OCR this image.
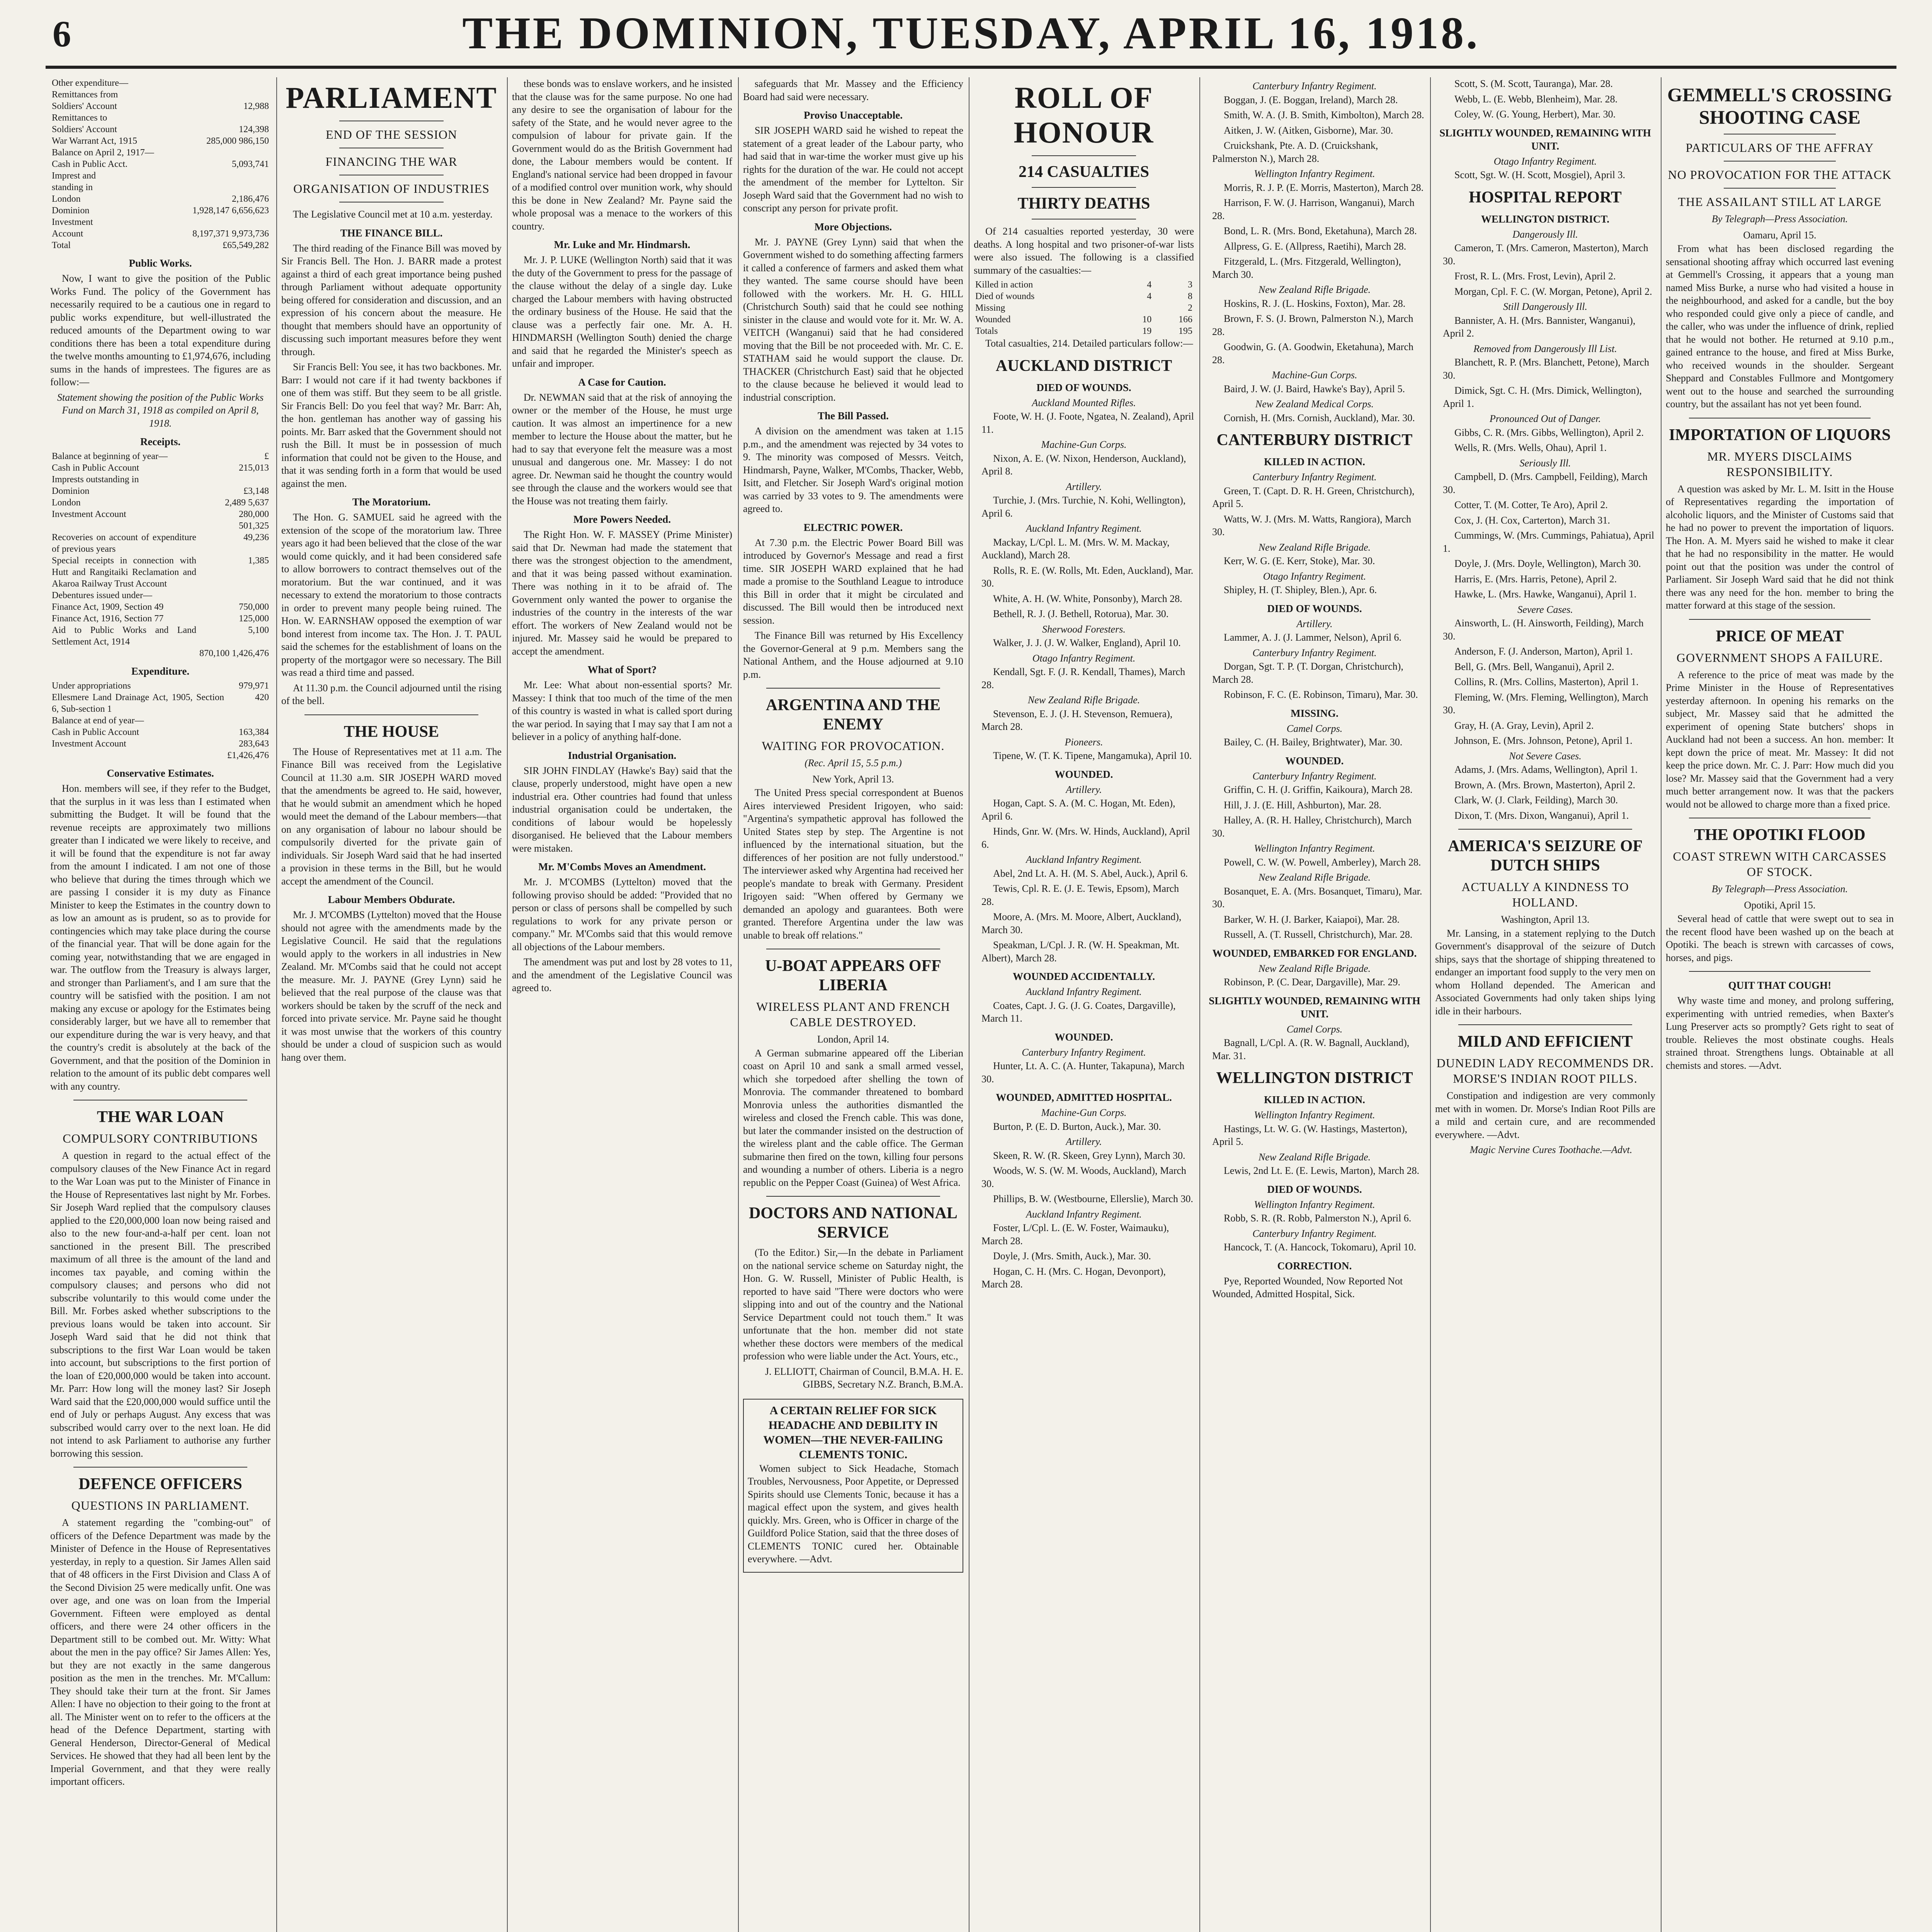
6	THE DOMINION, TUESDAY, APRIL 16, 1918.
Other expenditure—	
Remittances from	
Soldiers' Account	12,988
Remittances to	
Soldiers' Account	124,398
War Warrant Act, 1915	285,000 986,150
Balance on April 2, 1917—	
Cash in Public Acct.	5,093,741
Imprest and	
standing in	
London	2,186,476
Dominion	1,928,147 6,656,623
Investment	
Account	8,197,371 9,973,736
Total	£65,549,282
Public Works.

Now, I want to give the position of the Public Works Fund. The policy of the Government has necessarily required to be a cautious one in regard to public works expenditure, but well-illustrated the reduced amounts of the Department owing to war conditions there has been a total expenditure during the twelve months amounting to £1,974,676, including sums in the hands of imprestees. The figures are as follow:—

Statement showing the position of the Public Works Fund on March 31, 1918 as compiled on April 8, 1918.

Receipts.
Balance at beginning of year—	£
Cash in Public Account	215,013
Imprests outstanding in	
Dominion	£3,148
London	2,489 5,637
Investment Account	280,000
	501,325
Recoveries on account of expenditure of previous years	49,236
Special receipts in connection with Hutt and Rangitaiki Reclamation and Akaroa Railway Trust Account	1,385
Debentures issued under—	
Finance Act, 1909, Section 49	750,000
Finance Act, 1916, Section 77	125,000
Aid to Public Works and Land Settlement Act, 1914	5,100
	870,100 1,426,476
Expenditure.
Under appropriations	979,971
Ellesmere Land Drainage Act, 1905, Section 6, Sub-section 1	420
Balance at end of year—	
Cash in Public Account	163,384
Investment Account	283,643
	£1,426,476
Conservative Estimates.

Hon. members will see, if they refer to the Budget, that the surplus in it was less than I estimated when submitting the Budget. It will be found that the revenue receipts are approximately two millions greater than I indicated we were likely to receive, and it will be found that the expenditure is not far away from the amount I indicated. I am not one of those who believe that during the times through which we are passing I consider it is my duty as Finance Minister to keep the Estimates in the country down to as low an amount as is prudent, so as to provide for contingencies which may take place during the course of the financial year. That will be done again for the coming year, notwithstanding that we are engaged in war. The outflow from the Treasury is always larger, and stronger than Parliament's, and I am sure that the country will be satisfied with the position. I am not making any excuse or apology for the Estimates being considerably larger, but we have all to remember that our expenditure during the war is very heavy, and that the country's credit is absolutely at the back of the Government, and that the position of the Dominion in relation to the amount of its public debt compares well with any country.

THE WAR LOAN
COMPULSORY CONTRIBUTIONS

A question in regard to the actual effect of the compulsory clauses of the New Finance Act in regard to the War Loan was put to the Minister of Finance in the House of Representatives last night by Mr. Forbes. Sir Joseph Ward replied that the compulsory clauses applied to the £20,000,000 loan now being raised and also to the new four-and-a-half per cent. loan not sanctioned in the present Bill. The prescribed maximum of all three is the amount of the land and incomes tax payable, and coming within the compulsory clauses; and persons who did not subscribe voluntarily to this would come under the Bill. Mr. Forbes asked whether subscriptions to the previous loans would be taken into account. Sir Joseph Ward said that he did not think that subscriptions to the first War Loan would be taken into account, but subscriptions to the first portion of the loan of £20,000,000 would be taken into account. Mr. Parr: How long will the money last? Sir Joseph Ward said that the £20,000,000 would suffice until the end of July or perhaps August. Any excess that was subscribed would carry over to the next loan. He did not intend to ask Parliament to authorise any further borrowing this session.

DEFENCE OFFICERS
QUESTIONS IN PARLIAMENT.

A statement regarding the "combing-out" of officers of the Defence Department was made by the Minister of Defence in the House of Representatives yesterday, in reply to a question. Sir James Allen said that of 48 officers in the First Division and Class A of the Second Division 25 were medically unfit. One was over age, and one was on loan from the Imperial Government. Fifteen were employed as dental officers, and there were 24 other officers in the Department still to be combed out. Mr. Witty: What about the men in the pay office? Sir James Allen: Yes, but they are not exactly in the same dangerous position as the men in the trenches. Mr. M'Callum: They should take their turn at the front. Sir James Allen: I have no objection to their going to the front at all. The Minister went on to refer to the officers at the head of the Defence Department, starting with General Henderson, Director-General of Medical Services. He showed that they had all been lent by the Imperial Government, and that they were really important officers.

PARLIAMENT
END OF THE SESSION
FINANCING THE WAR
ORGANISATION OF INDUSTRIES

The Legislative Council met at 10 a.m. yesterday.

THE FINANCE BILL.

The third reading of the Finance Bill was moved by Sir Francis Bell. The Hon. J. BARR made a protest against a third of each great importance being pushed through Parliament without adequate opportunity being offered for consideration and discussion, and an expression of his concern about the measure. He thought that members should have an opportunity of discussing such important measures before they went through.

Sir Francis Bell: You see, it has two backbones. Mr. Barr: I would not care if it had twenty backbones if one of them was stiff. But they seem to be all gristle. Sir Francis Bell: Do you feel that way? Mr. Barr: Ah, the hon. gentleman has another way of gassing his points. Mr. Barr asked that the Government should not rush the Bill. It must be in possession of much information that could not be given to the House, and that it was sending forth in a form that would be used against the men.

The Moratorium.

The Hon. G. SAMUEL said he agreed with the extension of the scope of the moratorium law. Three years ago it had been believed that the close of the war would come quickly, and it had been considered safe to allow borrowers to contract themselves out of the moratorium. But the war continued, and it was necessary to extend the moratorium to those contracts in order to prevent many people being ruined. The Hon. W. EARNSHAW opposed the exemption of war bond interest from income tax. The Hon. J. T. PAUL said the schemes for the establishment of loans on the property of the mortgagor were so necessary. The Bill was read a third time and passed.

At 11.30 p.m. the Council adjourned until the rising of the bell.

THE HOUSE

The House of Representatives met at 11 a.m. The Finance Bill was received from the Legislative Council at 11.30 a.m. SIR JOSEPH WARD moved that the amendments be agreed to. He said, however, that he would submit an amendment which he hoped would meet the demand of the Labour members—that on any organisation of labour no labour should be compulsorily diverted for the private gain of individuals. Sir Joseph Ward said that he had inserted a provision in these terms in the Bill, but he would accept the amendment of the Council.

Labour Members Obdurate.

Mr. J. M'COMBS (Lyttelton) moved that the House should not agree with the amendments made by the Legislative Council. He said that the regulations would apply to the workers in all industries in New Zealand. Mr. M'Combs said that he could not accept the measure. Mr. J. PAYNE (Grey Lynn) said he believed that the real purpose of the clause was that workers should be taken by the scruff of the neck and forced into private service. Mr. Payne said he thought it was most unwise that the workers of this country should be under a cloud of suspicion such as would hang over them.

these bonds was to enslave workers, and he insisted that the clause was for the same purpose. No one had any desire to see the organisation of labour for the safety of the State, and he would never agree to the compulsion of labour for private gain. If the Government would do as the British Government had done, the Labour members would be content. If England's national service had been dropped in favour of a modified control over munition work, why should this be done in New Zealand? Mr. Payne said the whole proposal was a menace to the workers of this country.

Mr. Luke and Mr. Hindmarsh.

Mr. J. P. LUKE (Wellington North) said that it was the duty of the Government to press for the passage of the clause without the delay of a single day. Luke charged the Labour members with having obstructed the ordinary business of the House. He said that the clause was a perfectly fair one. Mr. A. H. HINDMARSH (Wellington South) denied the charge and said that he regarded the Minister's speech as unfair and improper.

A Case for Caution.

Dr. NEWMAN said that at the risk of annoying the owner or the member of the House, he must urge caution. It was almost an impertinence for a new member to lecture the House about the matter, but he had to say that everyone felt the measure was a most unusual and dangerous one. Mr. Massey: I do not agree. Dr. Newman said he thought the country would see through the clause and the workers would see that the House was not treating them fairly.

More Powers Needed.

The Right Hon. W. F. MASSEY (Prime Minister) said that Dr. Newman had made the statement that there was the strongest objection to the amendment, and that it was being passed without examination. There was nothing in it to be afraid of. The Government only wanted the power to organise the industries of the country in the interests of the war effort. The workers of New Zealand would not be injured. Mr. Massey said he would be prepared to accept the amendment.

What of Sport?

Mr. Lee: What about non-essential sports? Mr. Massey: I think that too much of the time of the men of this country is wasted in what is called sport during the war period. In saying that I may say that I am not a believer in a policy of anything half-done.

Industrial Organisation.

SIR JOHN FINDLAY (Hawke's Bay) said that the clause, properly understood, might have open a new industrial era. Other countries had found that unless industrial organisation could be undertaken, the conditions of labour would be hopelessly disorganised. He believed that the Labour members were mistaken.

Mr. M'Combs Moves an Amendment.

Mr. J. M'COMBS (Lyttelton) moved that the following proviso should be added: "Provided that no person or class of persons shall be compelled by such regulations to work for any private person or company." Mr. M'Combs said that this would remove all objections of the Labour members.

The amendment was put and lost by 28 votes to 11, and the amendment of the Legislative Council was agreed to.

safeguards that Mr. Massey and the Efficiency Board had said were necessary.

Proviso Unacceptable.

SIR JOSEPH WARD said he wished to repeat the statement of a great leader of the Labour party, who had said that in war-time the worker must give up his rights for the duration of the war. He could not accept the amendment of the member for Lyttelton. Sir Joseph Ward said that the Government had no wish to conscript any person for private profit.

More Objections.

Mr. J. PAYNE (Grey Lynn) said that when the Government wished to do something affecting farmers it called a conference of farmers and asked them what they wanted. The same course should have been followed with the workers. Mr. H. G. HILL (Christchurch South) said that he could see nothing sinister in the clause and would vote for it. Mr. W. A. VEITCH (Wanganui) said that he had considered moving that the Bill be not proceeded with. Mr. C. E. STATHAM said he would support the clause. Dr. THACKER (Christchurch East) said that he objected to the clause because he believed it would lead to industrial conscription.

The Bill Passed.

A division on the amendment was taken at 1.15 p.m., and the amendment was rejected by 34 votes to 9. The minority was composed of Messrs. Veitch, Hindmarsh, Payne, Walker, M'Combs, Thacker, Webb, Isitt, and Fletcher. Sir Joseph Ward's original motion was carried by 33 votes to 9. The amendments were agreed to.

ELECTRIC POWER.

At 7.30 p.m. the Electric Power Board Bill was introduced by Governor's Message and read a first time. SIR JOSEPH WARD explained that he had made a promise to the Southland League to introduce this Bill in order that it might be circulated and discussed. The Bill would then be introduced next session.

The Finance Bill was returned by His Excellency the Governor-General at 9 p.m. Members sang the National Anthem, and the House adjourned at 9.10 p.m.

ARGENTINA AND THE ENEMY
WAITING FOR PROVOCATION.
(Rec. April 15, 5.5 p.m.)
New York, April 13.

The United Press special correspondent at Buenos Aires interviewed President Irigoyen, who said: "Argentina's sympathetic approval has followed the United States step by step. The Argentine is not influenced by the international situation, but the differences of her position are not fully understood." The interviewer asked why Argentina had received her people's mandate to break with Germany. President Irigoyen said: "When offered by Germany we demanded an apology and guarantees. Both were granted. Therefore Argentina under the law was unable to break off relations."

U-BOAT APPEARS OFF LIBERIA
WIRELESS PLANT AND FRENCH CABLE DESTROYED.
London, April 14.

A German submarine appeared off the Liberian coast on April 10 and sank a small armed vessel, which she torpedoed after shelling the town of Monrovia. The commander threatened to bombard Monrovia unless the authorities dismantled the wireless and closed the French cable. This was done, but later the commander insisted on the destruction of the wireless plant and the cable office. The German submarine then fired on the town, killing four persons and wounding a number of others. Liberia is a negro republic on the Pepper Coast (Guinea) of West Africa.

DOCTORS AND NATIONAL SERVICE

(To the Editor.) Sir,—In the debate in Parliament on the national service scheme on Saturday night, the Hon. G. W. Russell, Minister of Public Health, is reported to have said "There were doctors who were slipping into and out of the country and the National Service Department could not touch them." It was unfortunate that the hon. member did not state whether these doctors were members of the medical profession who were liable under the Act. Yours, etc.,

J. ELLIOTT, Chairman of Council, B.M.A. H. E. GIBBS, Secretary N.Z. Branch, B.M.A.

A CERTAIN RELIEF FOR SICK HEADACHE AND DEBILITY IN WOMEN—THE NEVER-FAILING CLEMENTS TONIC.

Women subject to Sick Headache, Stomach Troubles, Nervousness, Poor Appetite, or Depressed Spirits should use Clements Tonic, because it has a magical effect upon the system, and gives health quickly. Mrs. Green, who is Officer in charge of the Guildford Police Station, said that the three doses of CLEMENTS TONIC cured her. Obtainable everywhere. —Advt.

ROLL OF HONOUR
214 CASUALTIES
THIRTY DEATHS

Of 214 casualties reported yesterday, 30 were deaths. A long hospital and two prisoner-of-war lists were also issued. The following is a classified summary of the casualties:—

Killed in action	4	3
Died of wounds	4	8
Missing		2
Wounded	10	166
Totals	19	195

Total casualties, 214. Detailed particulars follow:—

AUCKLAND DISTRICT
DIED OF WOUNDS.
Auckland Mounted Rifles.

Foote, W. H. (J. Foote, Ngatea, N. Zealand), April 11.

Machine-Gun Corps.

Nixon, A. E. (W. Nixon, Henderson, Auckland), April 8.

Artillery.

Turchie, J. (Mrs. Turchie, N. Kohi, Wellington), April 6.

Auckland Infantry Regiment.

Mackay, L/Cpl. L. M. (Mrs. W. M. Mackay, Auckland), March 28.

Rolls, R. E. (W. Rolls, Mt. Eden, Auckland), Mar. 30.

White, A. H. (W. White, Ponsonby), March 28.

Bethell, R. J. (J. Bethell, Rotorua), Mar. 30.

Sherwood Foresters.

Walker, J. J. (J. W. Walker, England), April 10.

Otago Infantry Regiment.

Kendall, Sgt. F. (J. R. Kendall, Thames), March 28.

New Zealand Rifle Brigade.

Stevenson, E. J. (J. H. Stevenson, Remuera), March 28.

Pioneers.

Tipene, W. (T. K. Tipene, Mangamuka), April 10.

WOUNDED.
Artillery.

Hogan, Capt. S. A. (M. C. Hogan, Mt. Eden), April 6.

Hinds, Gnr. W. (Mrs. W. Hinds, Auckland), April 6.

Auckland Infantry Regiment.

Abel, 2nd Lt. A. H. (M. S. Abel, Auck.), April 6.

Tewis, Cpl. R. E. (J. E. Tewis, Epsom), March 28.

Moore, A. (Mrs. M. Moore, Albert, Auckland), March 30.

Speakman, L/Cpl. J. R. (W. H. Speakman, Mt. Albert), March 28.

WOUNDED ACCIDENTALLY.
Auckland Infantry Regiment.

Coates, Capt. J. G. (J. G. Coates, Dargaville), March 11.

WOUNDED.
Canterbury Infantry Regiment.

Hunter, Lt. A. C. (A. Hunter, Takapuna), March 30.

WOUNDED, ADMITTED HOSPITAL.
Machine-Gun Corps.

Burton, P. (E. D. Burton, Auck.), Mar. 30.

Artillery.

Skeen, R. W. (R. Skeen, Grey Lynn), March 30.

Woods, W. S. (W. M. Woods, Auckland), March 30.

Phillips, B. W. (Westbourne, Ellerslie), March 30.

Auckland Infantry Regiment.

Foster, L/Cpl. L. (E. W. Foster, Waimauku), March 28.

Doyle, J. (Mrs. Smith, Auck.), Mar. 30.

Hogan, C. H. (Mrs. C. Hogan, Devonport), March 28.

Canterbury Infantry Regiment.

Boggan, J. (E. Boggan, Ireland), March 28.

Smith, W. A. (J. B. Smith, Kimbolton), March 28.

Aitken, J. W. (Aitken, Gisborne), Mar. 30.

Cruickshank, Pte. A. D. (Cruickshank, Palmerston N.), March 28.

Wellington Infantry Regiment.

Morris, R. J. P. (E. Morris, Masterton), March 28.

Harrison, F. W. (J. Harrison, Wanganui), March 28.

Bond, L. R. (Mrs. Bond, Eketahuna), March 28.

Allpress, G. E. (Allpress, Raetihi), March 28.

Fitzgerald, L. (Mrs. Fitzgerald, Wellington), March 30.

New Zealand Rifle Brigade.

Hoskins, R. J. (L. Hoskins, Foxton), Mar. 28.

Brown, F. S. (J. Brown, Palmerston N.), March 28.

Goodwin, G. (A. Goodwin, Eketahuna), March 28.

Machine-Gun Corps.

Baird, J. W. (J. Baird, Hawke's Bay), April 5.

New Zealand Medical Corps.

Cornish, H. (Mrs. Cornish, Auckland), Mar. 30.

CANTERBURY DISTRICT
KILLED IN ACTION.
Canterbury Infantry Regiment.

Green, T. (Capt. D. R. H. Green, Christchurch), April 5.

Watts, W. J. (Mrs. M. Watts, Rangiora), March 30.

New Zealand Rifle Brigade.

Kerr, W. G. (E. Kerr, Stoke), Mar. 30.

Otago Infantry Regiment.

Shipley, H. (T. Shipley, Blen.), Apr. 6.

DIED OF WOUNDS.
Artillery.

Lammer, A. J. (J. Lammer, Nelson), April 6.

Canterbury Infantry Regiment.

Dorgan, Sgt. T. P. (T. Dorgan, Christchurch), March 28.

Robinson, F. C. (E. Robinson, Timaru), Mar. 30.

MISSING.
Camel Corps.

Bailey, C. (H. Bailey, Brightwater), Mar. 30.

WOUNDED.
Canterbury Infantry Regiment.

Griffin, C. H. (J. Griffin, Kaikoura), March 28.

Hill, J. J. (E. Hill, Ashburton), Mar. 28.

Halley, A. (R. H. Halley, Christchurch), March 30.

Wellington Infantry Regiment.

Powell, C. W. (W. Powell, Amberley), March 28.

New Zealand Rifle Brigade.

Bosanquet, E. A. (Mrs. Bosanquet, Timaru), Mar. 30.

Barker, W. H. (J. Barker, Kaiapoi), Mar. 28.

Russell, A. (T. Russell, Christchurch), Mar. 28.

WOUNDED, EMBARKED FOR ENGLAND.
New Zealand Rifle Brigade.

Robinson, P. (C. Dear, Dargaville), Mar. 29.

SLIGHTLY WOUNDED, REMAINING WITH UNIT.
Camel Corps.

Bagnall, L/Cpl. A. (R. W. Bagnall, Auckland), Mar. 31.

WELLINGTON DISTRICT
KILLED IN ACTION.
Wellington Infantry Regiment.

Hastings, Lt. W. G. (W. Hastings, Masterton), April 5.

New Zealand Rifle Brigade.

Lewis, 2nd Lt. E. (E. Lewis, Marton), March 28.

DIED OF WOUNDS.
Wellington Infantry Regiment.

Robb, S. R. (R. Robb, Palmerston N.), April 6.

Canterbury Infantry Regiment.

Hancock, T. (A. Hancock, Tokomaru), April 10.

CORRECTION.

Pye, Reported Wounded, Now Reported Not Wounded, Admitted Hospital, Sick.

Scott, S. (M. Scott, Tauranga), Mar. 28.

Webb, L. (E. Webb, Blenheim), Mar. 28.

Coley, W. (G. Young, Herbert), Mar. 30.

SLIGHTLY WOUNDED, REMAINING WITH UNIT.
Otago Infantry Regiment.

Scott, Sgt. W. (H. Scott, Mosgiel), April 3.

HOSPITAL REPORT
WELLINGTON DISTRICT.
Dangerously Ill.

Cameron, T. (Mrs. Cameron, Masterton), March 30.

Frost, R. L. (Mrs. Frost, Levin), April 2.

Morgan, Cpl. F. C. (W. Morgan, Petone), April 2.

Still Dangerously Ill.

Bannister, A. H. (Mrs. Bannister, Wanganui), April 2.

Removed from Dangerously Ill List.

Blanchett, R. P. (Mrs. Blanchett, Petone), March 30.

Dimick, Sgt. C. H. (Mrs. Dimick, Wellington), April 1.

Pronounced Out of Danger.

Gibbs, C. R. (Mrs. Gibbs, Wellington), April 2.

Wells, R. (Mrs. Wells, Ohau), April 1.

Seriously Ill.

Campbell, D. (Mrs. Campbell, Feilding), March 30.

Cotter, T. (M. Cotter, Te Aro), April 2.

Cox, J. (H. Cox, Carterton), March 31.

Cummings, W. (Mrs. Cummings, Pahiatua), April 1.

Doyle, J. (Mrs. Doyle, Wellington), March 30.

Harris, E. (Mrs. Harris, Petone), April 2.

Hawke, L. (Mrs. Hawke, Wanganui), April 1.

Severe Cases.

Ainsworth, L. (H. Ainsworth, Feilding), March 30.

Anderson, F. (J. Anderson, Marton), April 1.

Bell, G. (Mrs. Bell, Wanganui), April 2.

Collins, R. (Mrs. Collins, Masterton), April 1.

Fleming, W. (Mrs. Fleming, Wellington), March 30.

Gray, H. (A. Gray, Levin), April 2.

Johnson, E. (Mrs. Johnson, Petone), April 1.

Not Severe Cases.

Adams, J. (Mrs. Adams, Wellington), April 1.

Brown, A. (Mrs. Brown, Masterton), April 2.

Clark, W. (J. Clark, Feilding), March 30.

Dixon, T. (Mrs. Dixon, Wanganui), April 1.

AMERICA'S SEIZURE OF DUTCH SHIPS
ACTUALLY A KINDNESS TO HOLLAND.
Washington, April 13.

Mr. Lansing, in a statement replying to the Dutch Government's disapproval of the seizure of Dutch ships, says that the shortage of shipping threatened to endanger an important food supply to the very men on whom Holland depended. The American and Associated Governments had only taken ships lying idle in their harbours.

MILD AND EFFICIENT
DUNEDIN LADY RECOMMENDS DR. MORSE'S INDIAN ROOT PILLS.

Constipation and indigestion are very commonly met with in women. Dr. Morse's Indian Root Pills are a mild and certain cure, and are recommended everywhere. —Advt.

Magic Nervine Cures Toothache.—Advt.

GEMMELL'S CROSSING SHOOTING CASE
PARTICULARS OF THE AFFRAY
NO PROVOCATION FOR THE ATTACK
THE ASSAILANT STILL AT LARGE
By Telegraph—Press Association.
Oamaru, April 15.

From what has been disclosed regarding the sensational shooting affray which occurred last evening at Gemmell's Crossing, it appears that a young man named Miss Burke, a nurse who had visited a house in the neighbourhood, and asked for a candle, but the boy who responded could give only a piece of candle, and the caller, who was under the influence of drink, replied that he would not bother. He returned at 9.10 p.m., gained entrance to the house, and fired at Miss Burke, who received wounds in the shoulder. Sergeant Sheppard and Constables Fullmore and Montgomery went out to the house and searched the surrounding country, but the assailant has not yet been found.

IMPORTATION OF LIQUORS
MR. MYERS DISCLAIMS RESPONSIBILITY.

A question was asked by Mr. L. M. Isitt in the House of Representatives regarding the importation of alcoholic liquors, and the Minister of Customs said that he had no power to prevent the importation of liquors. The Hon. A. M. Myers said he wished to make it clear that he had no responsibility in the matter. He would point out that the position was under the control of Parliament. Sir Joseph Ward said that he did not think there was any need for the hon. member to bring the matter forward at this stage of the session.

PRICE OF MEAT
GOVERNMENT SHOPS A FAILURE.

A reference to the price of meat was made by the Prime Minister in the House of Representatives yesterday afternoon. In opening his remarks on the subject, Mr. Massey said that he admitted the experiment of opening State butchers' shops in Auckland had not been a success. An hon. member: It kept down the price of meat. Mr. Massey: It did not keep the price down. Mr. C. J. Parr: How much did you lose? Mr. Massey said that the Government had a very much better arrangement now. It was that the packers would not be allowed to charge more than a fixed price.

THE OPOTIKI FLOOD
COAST STREWN WITH CARCASSES OF STOCK.
By Telegraph—Press Association.
Opotiki, April 15.

Several head of cattle that were swept out to sea in the recent flood have been washed up on the beach at Opotiki. The beach is strewn with carcasses of cows, horses, and pigs.

QUIT THAT COUGH!

Why waste time and money, and prolong suffering, experimenting with untried remedies, when Baxter's Lung Preserver acts so promptly? Gets right to seat of trouble. Relieves the most obstinate coughs. Heals strained throat. Strengthens lungs. Obtainable at all chemists and stores. —Advt.
